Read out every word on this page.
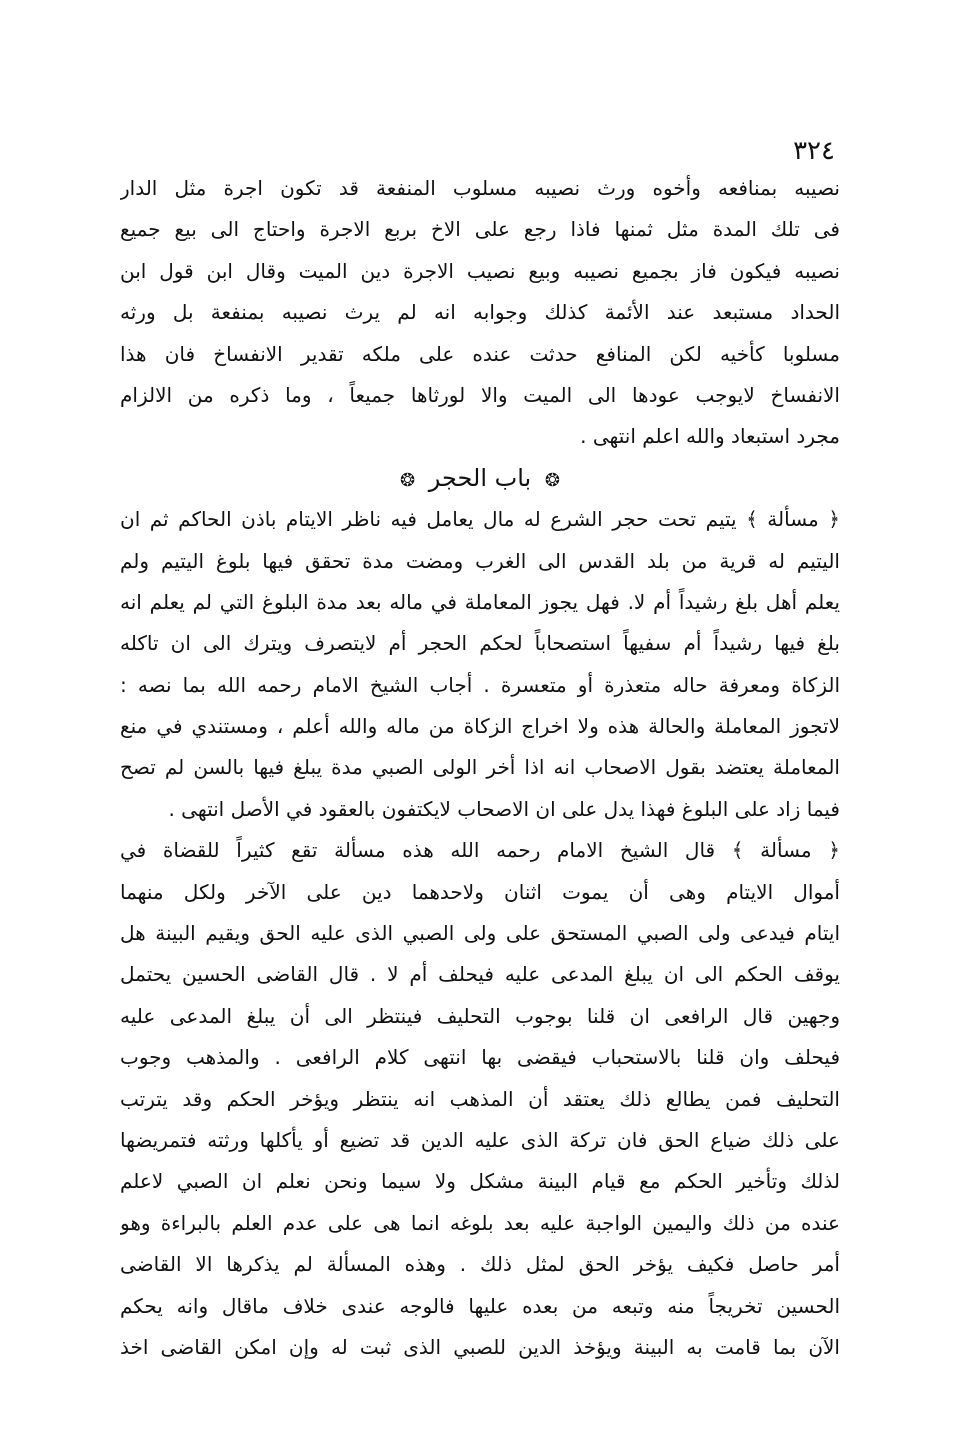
٣٢٤
نصيبه بمنافعه وأخوه ورث نصيبه مسلوب المنفعة قد تكون اجرة مثل الدار
فى تلك المدة مثل ثمنها فاذا رجع على الاخ بربع الاجرة واحتاج الى بيع جميع
نصيبه فيكون فاز بجميع نصيبه وبيع نصيب الاجرة دين الميت وقال ابن قول ابن
الحداد مستبعد عند الأئمة كذلك وجوابه انه لم يرث نصيبه بمنفعة بل ورثه
مسلوبا كأخيه لكن المنافع حدثت عنده على ملكه تقدير الانفساخ فان هذا
الانفساخ لايوجب عودها الى الميت والا لورثاها جميعاً ، وما ذكره من الالزام
مجرد استبعاد والله اعلم انتهى .
❂ باب الحجر ❂
﴿ مسألة ﴾ يتيم تحت حجر الشرع له مال يعامل فيه ناظر الايتام باذن الحاكم ثم ان
اليتيم له قرية من بلد القدس الى الغرب ومضت مدة تحقق فيها بلوغ اليتيم ولم
يعلم أهل بلغ رشيداً أم لا. فهل يجوز المعاملة في ماله بعد مدة البلوغ التي لم يعلم انه
بلغ فيها رشيداً أم سفيهاً استصحاباً لحكم الحجر أم لايتصرف ويترك الى ان تاكله
الزكاة ومعرفة حاله متعذرة أو متعسرة . أجاب الشيخ الامام رحمه الله بما نصه :
لاتجوز المعاملة والحالة هذه ولا اخراج الزكاة من ماله والله أعلم ، ومستندي في منع
المعاملة يعتضد بقول الاصحاب انه اذا أخر الولى الصبي مدة يبلغ فيها بالسن لم تصح
فيما زاد على البلوغ فهذا يدل على ان الاصحاب لايكتفون بالعقود في الأصل انتهى .
﴿ مسألة ﴾ قال الشيخ الامام رحمه الله هذه مسألة تقع كثيراً للقضاة في
أموال الايتام وهى أن يموت اثنان ولاحدهما دين على الآخر ولكل منهما
ايتام فيدعى ولى الصبي المستحق على ولى الصبي الذى عليه الحق ويقيم البينة هل
يوقف الحكم الى ان يبلغ المدعى عليه فيحلف أم لا . قال القاضى الحسين يحتمل
وجهين قال الرافعى ان قلنا بوجوب التحليف فينتظر الى أن يبلغ المدعى عليه
فيحلف وان قلنا بالاستحباب فيقضى بها انتهى كلام الرافعى . والمذهب وجوب
التحليف فمن يطالع ذلك يعتقد أن المذهب انه ينتظر ويؤخر الحكم وقد يترتب
على ذلك ضياع الحق فان تركة الذى عليه الدين قد تضيع أو يأكلها ورثته فتمريضها
لذلك وتأخير الحكم مع قيام البينة مشكل ولا سيما ونحن نعلم ان الصبي لاعلم
عنده من ذلك واليمين الواجبة عليه بعد بلوغه انما هى على عدم العلم بالبراءة وهو
أمر حاصل فكيف يؤخر الحق لمثل ذلك . وهذه المسألة لم يذكرها الا القاضى
الحسين تخريجاً منه وتبعه من بعده عليها فالوجه عندى خلاف ماقال وانه يحكم
الآن بما قامت به البينة ويؤخذ الدين للصبي الذى ثبت له وإن امكن القاضى اخذ
